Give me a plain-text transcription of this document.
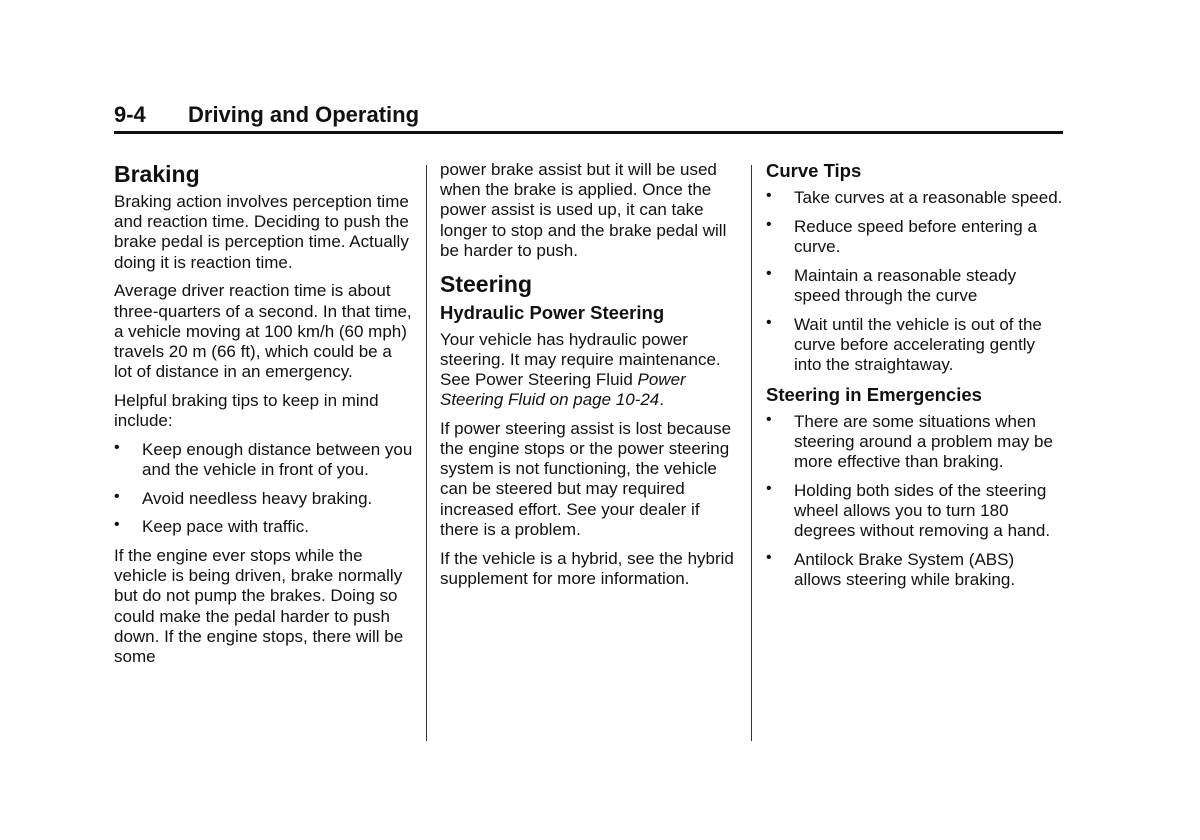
9-4 Driving and Operating
Braking

Braking action involves perception time and reaction time. Deciding to push the brake pedal is perception time. Actually doing it is reaction time.

Average driver reaction time is about three-quarters of a second. In that time, a vehicle moving at 100 km/h (60 mph) travels 20 m (66 ft), which could be a lot of distance in an emergency.

Helpful braking tips to keep in mind include:

• Keep enough distance between you and the vehicle in front of you.
• Avoid needless heavy braking.
• Keep pace with traffic.

If the engine ever stops while the vehicle is being driven, brake normally but do not pump the brakes. Doing so could make the pedal harder to push down. If the engine stops, there will be some

power brake assist but it will be used when the brake is applied. Once the power assist is used up, it can take longer to stop and the brake pedal will be harder to push.

Steering
Hydraulic Power Steering

Your vehicle has hydraulic power steering. It may require maintenance. See Power Steering Fluid Power Steering Fluid on page 10-24.

If power steering assist is lost because the engine stops or the power steering system is not functioning, the vehicle can be steered but may required increased effort. See your dealer if there is a problem.

If the vehicle is a hybrid, see the hybrid supplement for more information.

Curve Tips
• Take curves at a reasonable speed.
• Reduce speed before entering a curve.
• Maintain a reasonable steady speed through the curve
• Wait until the vehicle is out of the curve before accelerating gently into the straightaway.
Steering in Emergencies
• There are some situations when steering around a problem may be more effective than braking.
• Holding both sides of the steering wheel allows you to turn 180 degrees without removing a hand.
• Antilock Brake System (ABS) allows steering while braking.
